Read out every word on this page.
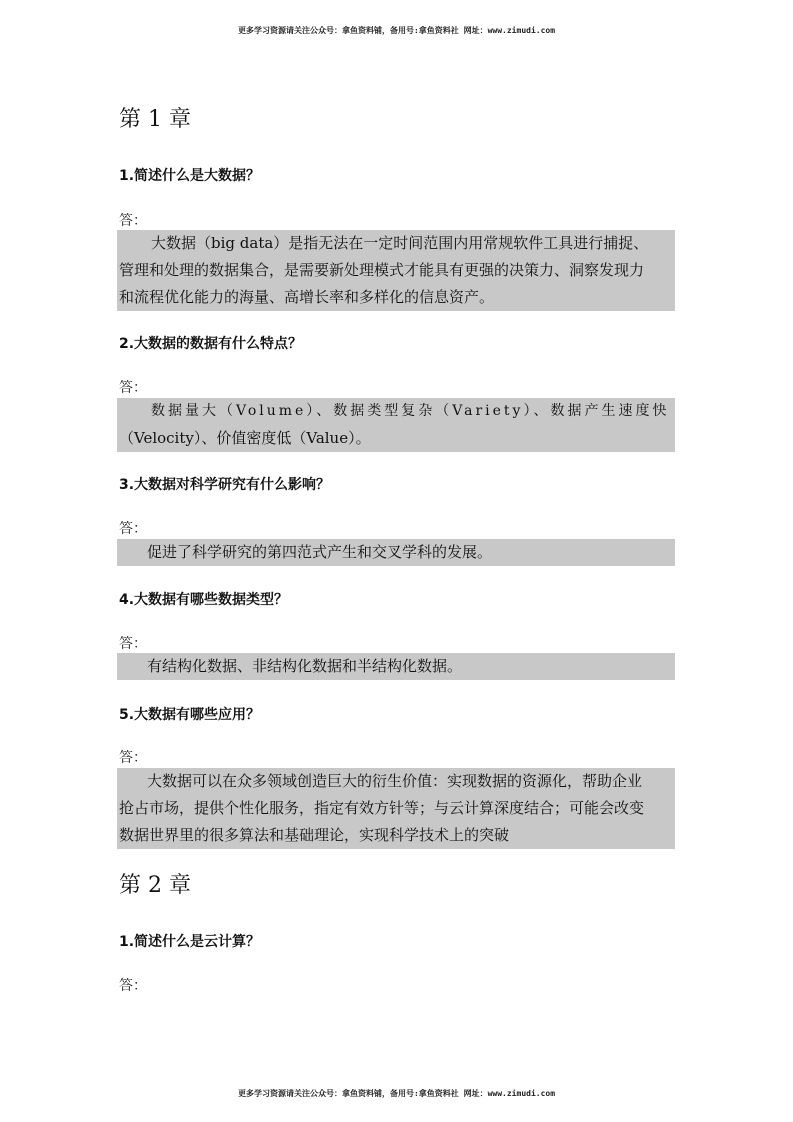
更多学习资源请关注公众号：拿鱼资料铺，备用号:拿鱼资料社 网址：www.zimudi.com
第 1 章
1.简述什么是大数据？
答：
大数据（big data）是指无法在一定时间范围内用常规软件工具进行捕捉、
管理和处理的数据集合，是需要新处理模式才能具有更强的决策力、洞察发现力
和流程优化能力的海量、高增长率和多样化的信息资产。
2.大数据的数据有什么特点？
答：
数据量大（Volume）、数据类型复杂（Variety）、数据产生速度快
（Velocity）、价值密度低（Value）。
3.大数据对科学研究有什么影响？
答：
促进了科学研究的第四范式产生和交叉学科的发展。
4.大数据有哪些数据类型？
答：
有结构化数据、非结构化数据和半结构化数据。
5.大数据有哪些应用？
答：
大数据可以在众多领域创造巨大的衍生价值：实现数据的资源化，帮助企业
抢占市场，提供个性化服务，指定有效方针等；与云计算深度结合；可能会改变
数据世界里的很多算法和基础理论，实现科学技术上的突破
第 2 章
1.简述什么是云计算？
答：
更多学习资源请关注公众号：拿鱼资料铺，备用号:拿鱼资料社 网址：www.zimudi.com
